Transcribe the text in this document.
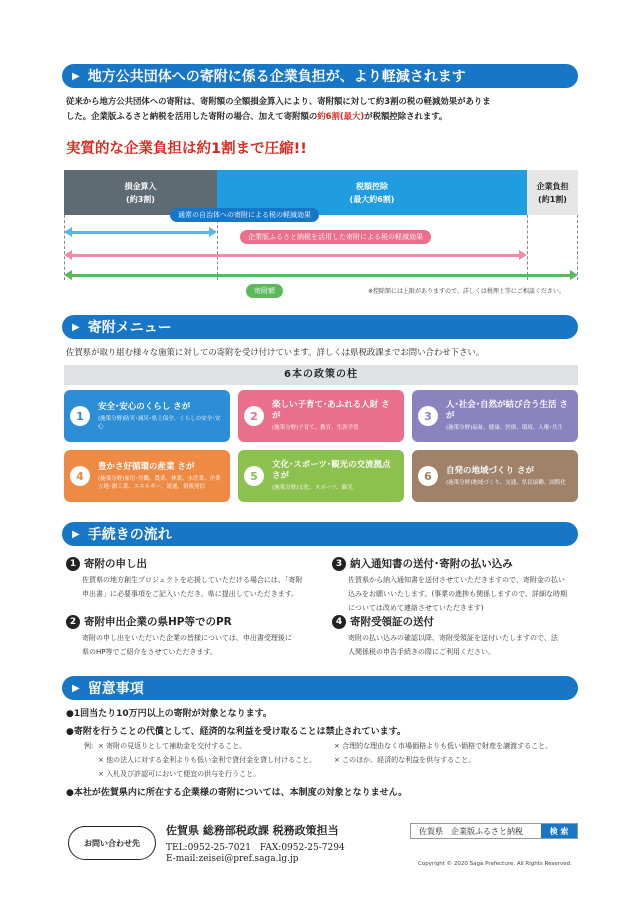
▶ 地方公共団体への寄附に係る企業負担が、より軽減されます
従来から地方公共団体への寄附は、寄附額の全額損金算入により、寄附額に対して約3割の税の軽減効果がありま
した。企業版ふるさと納税を活用した寄附の場合、加えて寄附額の約6割(最大)が税額控除されます。
実質的な企業負担は約1割まで圧縮!!
損金算入
(約3割)
税額控除
(最大約6割)
企業負担
(約1割)
通常の自治体への寄附による税の軽減効果
企業版ふるさと納税を活用した寄附による税の軽減効果
寄附額	※控除額には上限がありますので、詳しくは税理士等にご相談ください。
▶ 寄附メニュー
佐賀県が取り組む様々な施策に対しての寄附を受け付けています。詳しくは県税政課までお問い合わせ下さい。
6本の政策の柱
1
安全･安心のくらし さが
(施策分野)防災･減災･県土保全、くらしの安全･安心
2
楽しい子育て･あふれる人財 さが
(施策分野)子育て、教育、生涯学習
3
人･社会･自然が結び合う生活 さが
(施策分野)福祉、健康、医療、環境、人権･共生
4
豊かさ好循環の産業 さが
(施策分野)雇用･労働、農業、林業、水産業、企業立地･創工業、エネルギー、流通、情報発信
5
文化･スポーツ･観光の交流拠点 さが
(施策分野)文化、スポーツ、観光
6	自発の地域づくり さが
(施策分野)地域づくり、交通、県民協働、国際化
▶ 手続きの流れ
1 寄附の申し出
佐賀県の地方創生プロジェクトを応援していただける場合には、「寄附
申出書」に必要事項をご記入いただき、県に提出していただきます。
2 寄附申出企業の県HP等でのPR
寄附の申し出をいただいた企業の皆様については、申出書受理後に
県のHP等でご紹介をさせていただきます。
3 納入通知書の送付･寄附の払い込み
佐賀県から納入通知書を送付させていただきますので、寄附金の払い
込みをお願いいたします。(事業の進捗も関係しますので、詳細な時期
については改めて連絡させていただきます)
4 寄附受領証の送付
寄附の払い込みの確認以降、寄附受領証を送付いたしますので、法
人関係税の申告手続きの際にご利用ください。
▶ 留意事項
●1回当たり10万円以上の寄附が対象となります。
●寄附を行うことの代償として、経済的な利益を受け取ることは禁止されています。
例: × 寄附の見返りとして補助金を交付すること。	× 合理的な理由なく市場価格よりも低い価格で財産を譲渡すること。
× 他の法人に対する金利よりも低い金利で貸付金を貸し付けること。	× このほか、経済的な利益を供与すること。
× 入札及び許認可において便宜の供与を行うこと。
●本社が佐賀県内に所在する企業様の寄附については、本制度の対象となりません。
お問い合わせ先
佐賀県 総務部税政課 税務政策担当
TEL:0952-25-7021　FAX:0952-25-7294
E-mail:zeisei@pref.saga.lg.jp
佐賀県　企業版ふるさと納税	検 索
Copyright © 2020 Saga Prefecture. All Rights Reserved.
